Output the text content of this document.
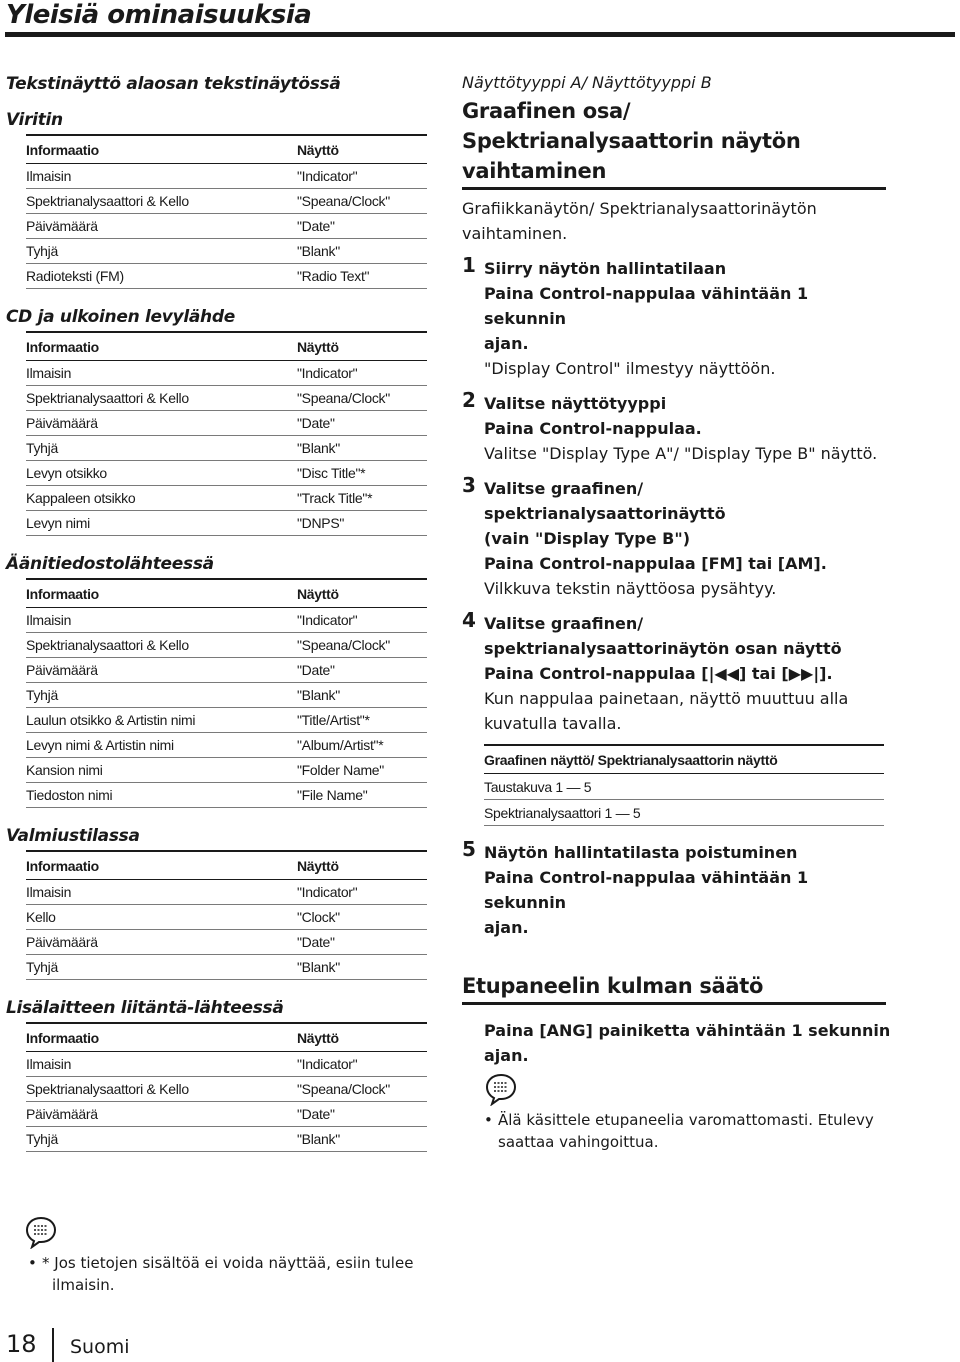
Yleisiä ominaisuuksia
Tekstinäyttö alaosan tekstinäytössä
Viritin
Informaatio	Näyttö
Ilmaisin	"Indicator"
Spektrianalysaattori & Kello	"Speana/Clock"
Päivämäärä	"Date"
Tyhjä	"Blank"
Radioteksti (FM)	"Radio Text"
CD ja ulkoinen levylähde
Informaatio	Näyttö
Ilmaisin	"Indicator"
Spektrianalysaattori & Kello	"Speana/Clock"
Päivämäärä	"Date"
Tyhjä	"Blank"
Levyn otsikko	"Disc Title"*
Kappaleen otsikko	"Track Title"*
Levyn nimi	"DNPS"
Äänitiedostolähteessä
Informaatio	Näyttö
Ilmaisin	"Indicator"
Spektrianalysaattori & Kello	"Speana/Clock"
Päivämäärä	"Date"
Tyhjä	"Blank"
Laulun otsikko & Artistin nimi	"Title/Artist"*
Levyn nimi & Artistin nimi	"Album/Artist"*
Kansion nimi	"Folder Name"
Tiedoston nimi	"File Name"
Valmiustilassa
Informaatio	Näyttö
Ilmaisin	"Indicator"
Kello	"Clock"
Päivämäärä	"Date"
Tyhjä	"Blank"
Lisälaitteen liitäntä-lähteessä
Informaatio	Näyttö
Ilmaisin	"Indicator"
Spektrianalysaattori & Kello	"Speana/Clock"
Päivämäärä	"Date"
Tyhjä	"Blank"
• * Jos tietojen sisältöä ei voida näyttää, esiin tulee
ilmaisin.
Näyttötyyppi A/ Näyttötyyppi B
Graafinen osa/
Spektrianalysaattorin näytön
vaihtaminen
Grafiikkanäytön/ Spektrianalysaattorinäytön
vaihtaminen.
1 Siirry näytön hallintatilaan
Paina Control-nappulaa vähintään 1 sekunnin
ajan.
"Display Control" ilmestyy näyttöön.
2 Valitse näyttötyyppi
Paina Control-nappulaa.
Valitse "Display Type A"/ "Display Type B" näyttö.
3 Valitse graafinen/
spektrianalysaattorinäyttö
(vain "Display Type B")
Paina Control-nappulaa [FM] tai [AM].
Vilkkuva tekstin näyttöosa pysähtyy.
4 Valitse graafinen/
spektrianalysaattorinäytön osan näyttö
Paina Control-nappulaa [|◀◀] tai [▶▶|].
Kun nappulaa painetaan, näyttö muuttuu alla
kuvatulla tavalla.
Graafinen näyttö/ Spektrianalysaattorin näyttö
Taustakuva 1 — 5
Spektrianalysaattori 1 — 5
5 Näytön hallintatilasta poistuminen
Paina Control-nappulaa vähintään 1 sekunnin
ajan.
Etupaneelin kulman säätö
Paina [ANG] painiketta vähintään 1 sekunnin
ajan.
• Älä käsittele etupaneelia varomattomasti. Etulevy
saattaa vahingoittua.
18 Suomi
